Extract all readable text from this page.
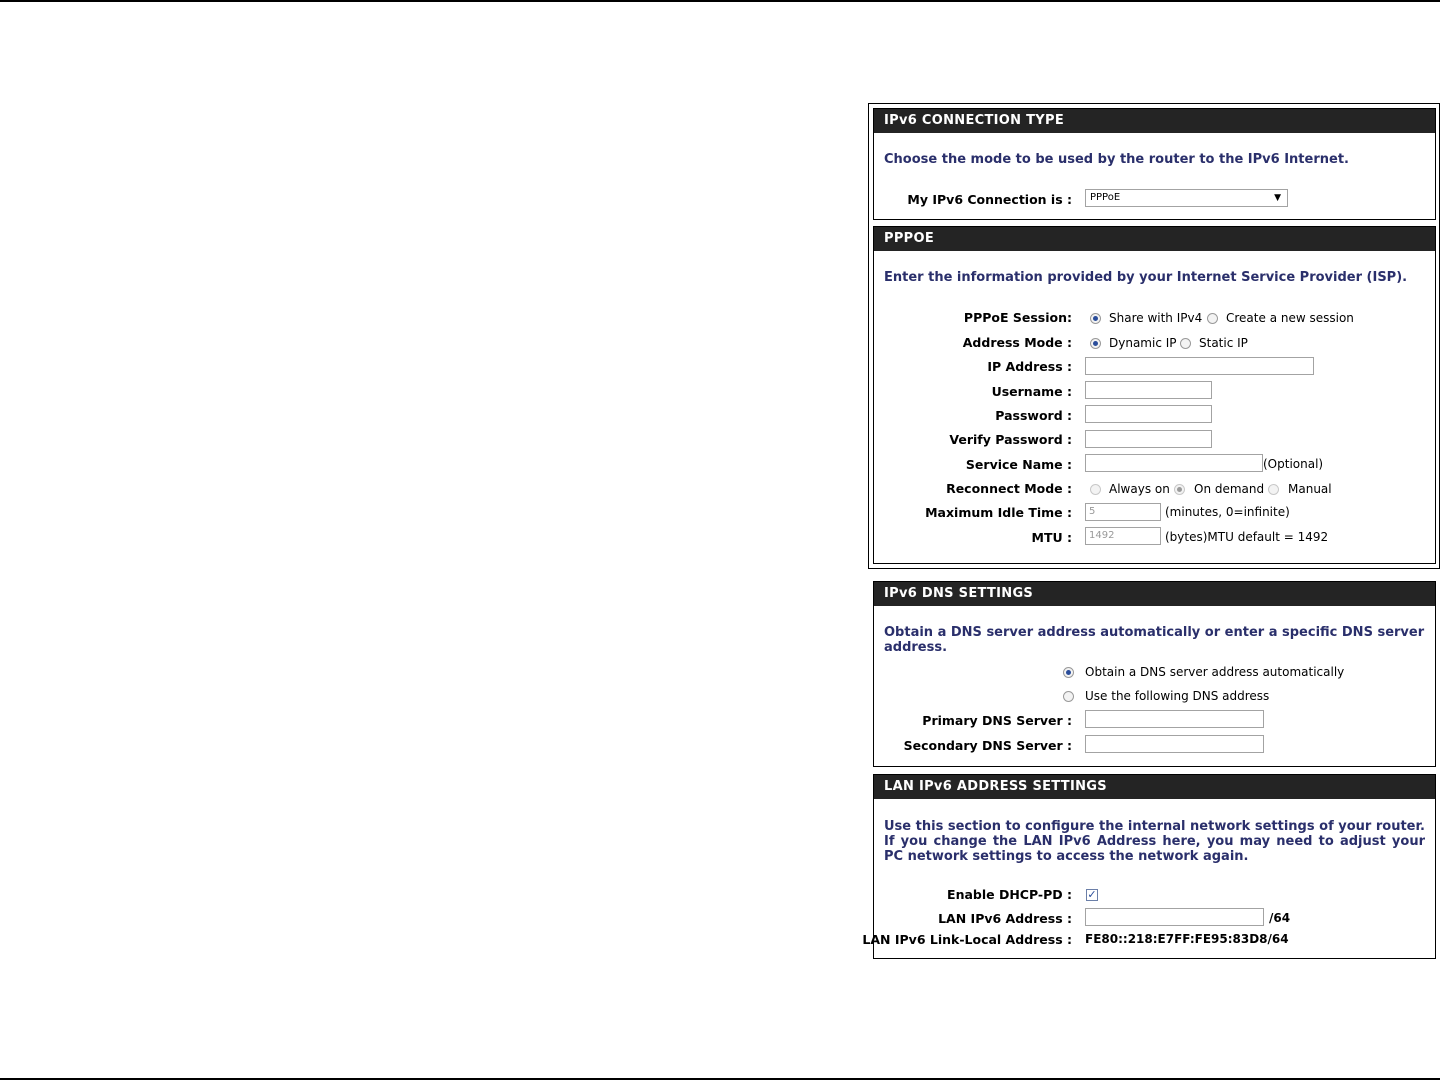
IPv6 CONNECTION TYPE
Choose the mode to be used by the router to the IPv6 Internet.
My IPv6 Connection is :	PPPoE	▼
PPPOE
Enter the information provided by your Internet Service Provider (ISP).
PPPoE Session:	Share with IPv4 Create a new session
Address Mode :	Dynamic IP Static IP
IP Address :
Username :
Password :
Verify Password :
Service Name :	(Optional)
Reconnect Mode :	Always on On demand Manual
Maximum Idle Time :	5	(minutes, 0=infinite)
MTU :	1492	(bytes)MTU default = 1492
IPv6 DNS SETTINGS
Obtain a DNS server address automatically or enter a specific DNS server address.
Obtain a DNS server address automatically
Use the following DNS address
Primary DNS Server :
Secondary DNS Server :
LAN IPv6 ADDRESS SETTINGS
Use this section to configure the internal network settings of your router. If you change the LAN IPv6 Address here, you may need to adjust your PC network settings to access the network again.
Enable DHCP-PD : ✓
LAN IPv6 Address :	/64
LAN IPv6 Link-Local Address : FE80::218:E7FF:FE95:83D8/64
